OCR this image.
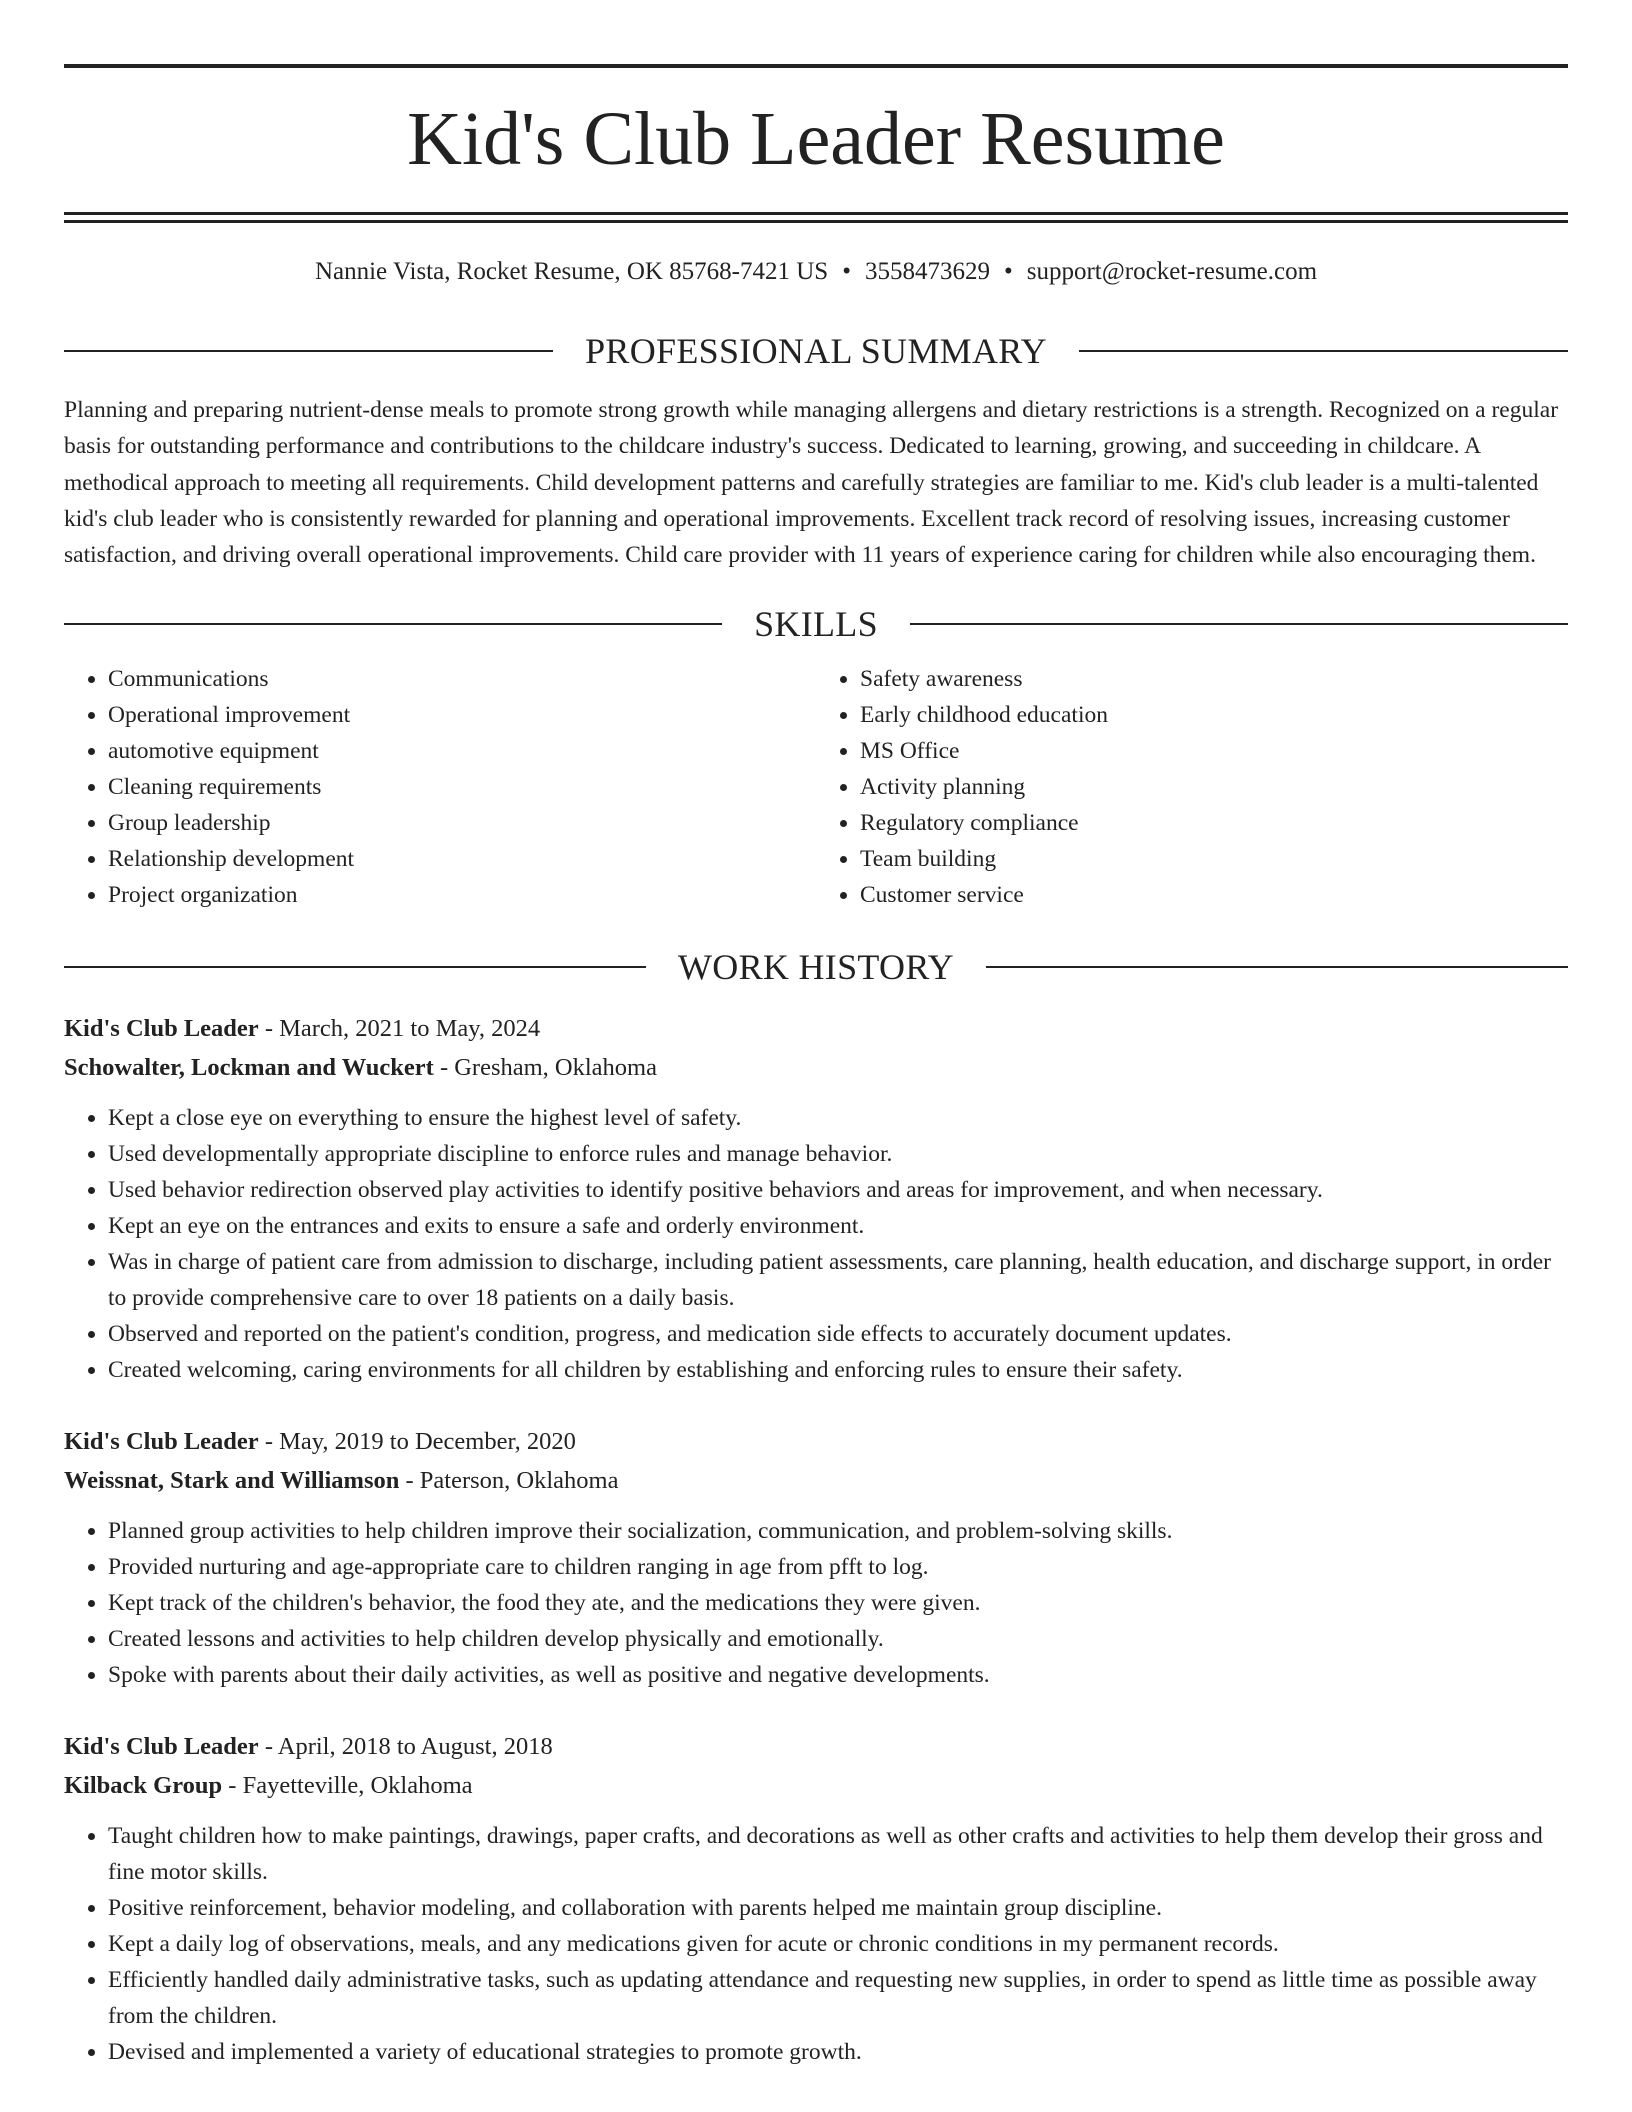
Kid's Club Leader Resume
Nannie Vista, Rocket Resume, OK 85768-7421 US • 3558473629 • support@rocket-resume.com
PROFESSIONAL SUMMARY

Planning and preparing nutrient-dense meals to promote strong growth while managing allergens and dietary restrictions is a strength. Recognized on a regular basis for outstanding performance and contributions to the childcare industry's success. Dedicated to learning, growing, and succeeding in childcare. A methodical approach to meeting all requirements. Child development patterns and carefully strategies are familiar to me. Kid's club leader is a multi-talented kid's club leader who is consistently rewarded for planning and operational improvements. Excellent track record of resolving issues, increasing customer satisfaction, and driving overall operational improvements. Child care provider with 11 years of experience caring for children while also encouraging them.

SKILLS
• Communications
• Operational improvement
• automotive equipment
• Cleaning requirements
• Group leadership
• Relationship development
• Project organization
• Safety awareness
• Early childhood education
• MS Office
• Activity planning
• Regulatory compliance
• Team building
• Customer service
WORK HISTORY
Kid's Club Leader - March, 2021 to May, 2024
Schowalter, Lockman and Wuckert - Gresham, Oklahoma
• Kept a close eye on everything to ensure the highest level of safety.
• Used developmentally appropriate discipline to enforce rules and manage behavior.
• Used behavior redirection observed play activities to identify positive behaviors and areas for improvement, and when necessary.
• Kept an eye on the entrances and exits to ensure a safe and orderly environment.
• Was in charge of patient care from admission to discharge, including patient assessments, care planning, health education, and discharge support, in order to provide comprehensive care to over 18 patients on a daily basis.
• Observed and reported on the patient's condition, progress, and medication side effects to accurately document updates.
• Created welcoming, caring environments for all children by establishing and enforcing rules to ensure their safety.
Kid's Club Leader - May, 2019 to December, 2020
Weissnat, Stark and Williamson - Paterson, Oklahoma
• Planned group activities to help children improve their socialization, communication, and problem-solving skills.
• Provided nurturing and age-appropriate care to children ranging in age from pfft to log.
• Kept track of the children's behavior, the food they ate, and the medications they were given.
• Created lessons and activities to help children develop physically and emotionally.
• Spoke with parents about their daily activities, as well as positive and negative developments.
Kid's Club Leader - April, 2018 to August, 2018
Kilback Group - Fayetteville, Oklahoma
• Taught children how to make paintings, drawings, paper crafts, and decorations as well as other crafts and activities to help them develop their gross and fine motor skills.
• Positive reinforcement, behavior modeling, and collaboration with parents helped me maintain group discipline.
• Kept a daily log of observations, meals, and any medications given for acute or chronic conditions in my permanent records.
• Efficiently handled daily administrative tasks, such as updating attendance and requesting new supplies, in order to spend as little time as possible away from the children.
• Devised and implemented a variety of educational strategies to promote growth.
